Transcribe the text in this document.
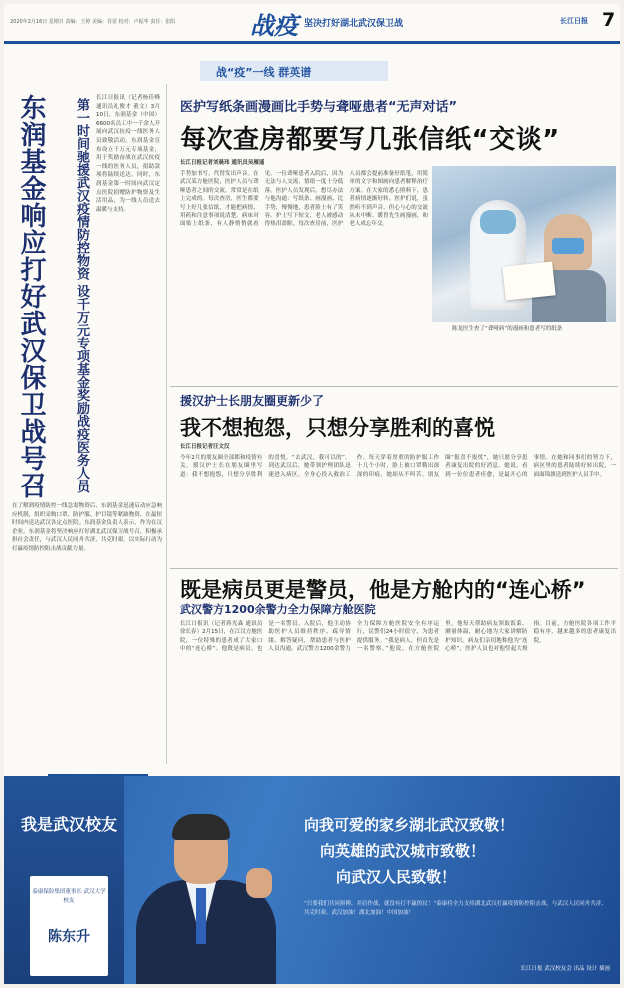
2020年2月16日 星期日 责编：王婷 美编：肖雷 校对：卢振华 责任：张阳	战疫 坚决打好湖北武汉保卫战	长江日报 7
战“疫”一线 群英谱
东润基金响应打好武汉保卫战号召	第一时间驰援武汉疫情防控物资 设千万元专项基金奖励战疫医务人员 长江日报讯（记者杨佳峰 通讯员礼俊才 董文）3月10日，东润基金（中国）6600名员工中一千余人开展向武汉抗疫一线医务人员致敬活动。东润基金宣布设立千万元专项基金，用于奖励奋战在武汉抗疫一线的医务人员，捐助款项将陆续送达。同时，东润基金第一时间向武汉定点医院捐赠防护物资及生活用品，为一线人员送去温暖与支持。
在了解到疫情防控一线急需物资后，东润基金迅速启动应急响应机制，组织采购口罩、防护服、护目镜等紧缺物资，在最短时间内送达武汉各定点医院。东润基金负责人表示，作为在汉企业，东润基金将坚决响应打好湖北武汉保卫战号召，积极承担社会责任，与武汉人民同舟共济、共克时艰，以实际行动为打赢疫情防控阻击战贡献力量。
医护写纸条画漫画比手势与聋哑患者“无声对话”
每次查房都要写几张信纸“交谈”
长江日报记者刘晨玮 通讯员吴雁遥
手势加书写，代替发出声音。在武汉某方舱医院，医护人员与聋哑患者之间的交流，常常是在纸上完成的。每次查房，医生都要写上好几张信纸，才能把病情、用药和注意事项说清楚。病床对面贴上纸条，有人静悄悄就看见。一位聋哑患者入院后，因为无法与人交流，情绪一度十分低落。医护人员发现后，想尽办法与他沟通：写纸条、画漫画、比手势，慢慢地，患者脸上有了笑容。护士写下短文，老人被感动得热泪盈眶。每次查房前，医护人员都会提前准备好纸笔，用简单的文字和图画向患者解释治疗方案。在大家的悉心照料下，患者病情逐渐好转。医护们说，虽然听不到声音，但心与心的交流从未中断。暖胃先生画漫画，和老人成忘年交。
陈龙医生查了“聋哑病”的漫画和患者写的纸条
援汉护士长朋友圈更新少了
我不想抱怨，只想分享胜利的喜悦
长江日报记者汪文汉
今年2月的朋友圈全部都和疫情有关。援汉护士长在朋友圈里写道：我不想抱怨，只想分享胜利的喜悦。“去武汉，我可以的”。到达武汉后，她带领护理团队迅速进入病区，全身心投入救治工作。每天穿着厚重的防护服工作十几个小时，脸上被口罩勒出深深的印痕，她却从不叫苦。朋友圈“报喜不报忧”，她只愿分享患者康复出院的好消息。她说，看到一位位患者痊愈，是最开心的事情。在她和同事们的努力下，病区里的患者陆续好转出院，一面面锦旗送到医护人员手中。
既是病员更是警员，他是方舱内的“连心桥”
武汉警方1200余警力全力保障方舱医院
长江日报讯（记者蒋光森 通讯员徐长春）2月15日，在江汉方舱医院，一位特殊的患者成了大家口中的“连心桥”。他既是病员，也是一名警员。入院后，他主动协助医护人员维持秩序、疏导情绪、解答疑问，帮助患者与医护人员沟通。武汉警方1200余警力全力保障方舱医院安全有序运行，民警们24小时值守，为患者提供服务。“我是病人，但首先是一名警察。”他说，在方舱医院里，他每天帮助病友领取饭菜、测量体温，耐心地为大家讲解防护知识。病友们亲切地称他为“连心桥”，医护人员也对他竖起大拇指。目前，方舱医院各项工作平稳有序，越来越多的患者康复出院。
我是武汉校友
泰康保险集团董事长 武汉大学校友
陈东升
向我可爱的家乡湖北武汉致敬！
向英雄的武汉城市致敬！
向武汉人民致敬！
“只要我们共同拼搏、并肩作战，就没有打不赢的仗！”泰康将全力支持湖北武汉打赢疫情防控阻击战，与武汉人民同舟共济、共克时艰。武汉加油！湖北加油！中国加油！
长江日报 武汉校友会 出品 设计 插画
